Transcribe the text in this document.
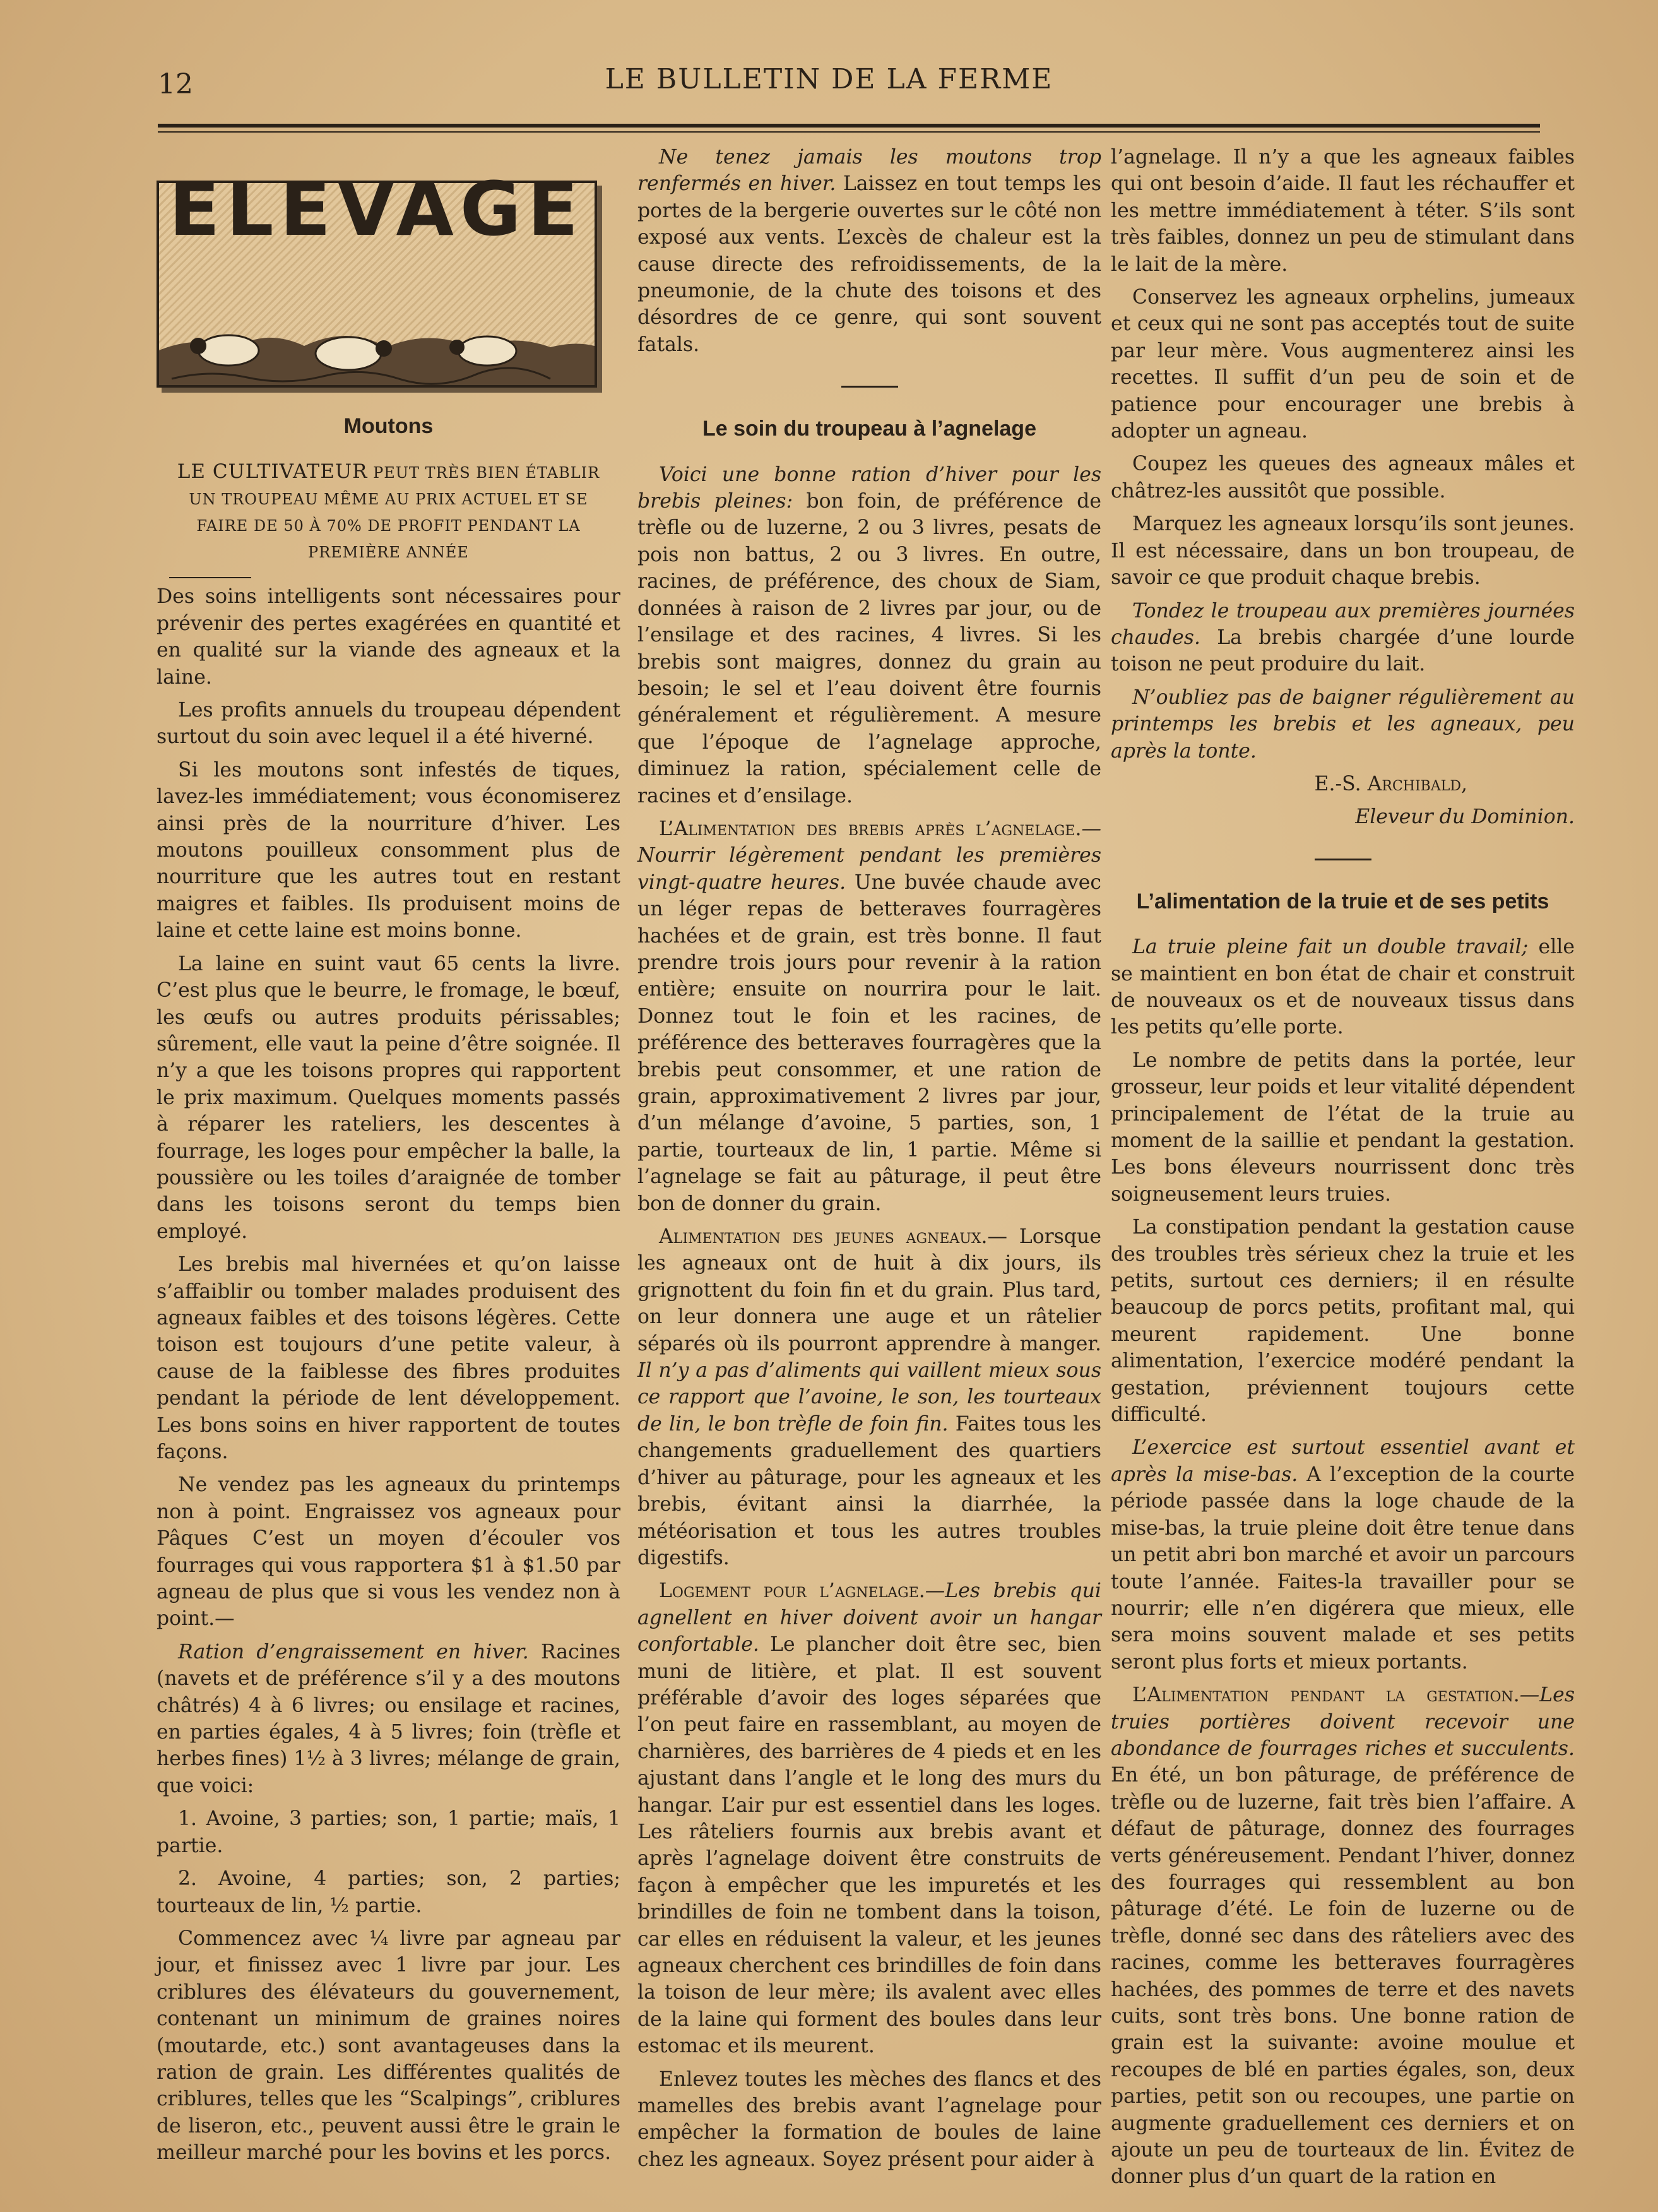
12	LE BULLETIN DE LA FERME
ELEVAGE
Moutons
LE CULTIVATEUR PEUT TRÈS BIEN ÉTABLIR UN TROUPEAU MÊME AU PRIX ACTUEL ET SE FAIRE DE 50 À 70% DE PROFIT PENDANT LA PREMIÈRE ANNÉE

Des soins intelligents sont nécessaires pour prévenir des pertes exagérées en quantité et en qualité sur la viande des agneaux et la laine.

Les profits annuels du troupeau dépendent surtout du soin avec lequel il a été hiverné.

Si les moutons sont infestés de tiques, lavez-les immédiatement; vous économiserez ainsi près de la nourriture d’hiver. Les moutons pouilleux consomment plus de nourriture que les autres tout en restant maigres et faibles. Ils produisent moins de laine et cette laine est moins bonne.

La laine en suint vaut 65 cents la livre. C’est plus que le beurre, le fromage, le bœuf, les œufs ou autres produits périssables; sûrement, elle vaut la peine d’être soignée. Il n’y a que les toisons propres qui rapportent le prix maximum. Quelques moments passés à réparer les rateliers, les descentes à fourrage, les loges pour empêcher la balle, la poussière ou les toiles d’araignée de tomber dans les toisons seront du temps bien employé.

Les brebis mal hivernées et qu’on laisse s’affaiblir ou tomber malades produisent des agneaux faibles et des toisons légères. Cette toison est toujours d’une petite valeur, à cause de la faiblesse des fibres produites pendant la période de lent développement. Les bons soins en hiver rapportent de toutes façons.

Ne vendez pas les agneaux du printemps non à point. Engraissez vos agneaux pour Pâques C’est un moyen d’écouler vos fourrages qui vous rapportera $1 à $1.50 par agneau de plus que si vous les vendez non à point.—

Ration d’engraissement en hiver. Racines (navets et de préférence s’il y a des moutons châtrés) 4 à 6 livres; ou ensilage et racines, en parties égales, 4 à 5 livres; foin (trèfle et herbes fines) 1½ à 3 livres; mélange de grain, que voici:

1. Avoine, 3 parties; son, 1 partie; maïs, 1 partie.

2. Avoine, 4 parties; son, 2 parties; tourteaux de lin, ½ partie.

Commencez avec ¼ livre par agneau par jour, et finissez avec 1 livre par jour. Les criblures des élévateurs du gouvernement, contenant un minimum de graines noires (moutarde, etc.) sont avantageuses dans la ration de grain. Les différentes qualités de criblures, telles que les “Scalpings”, criblures de liseron, etc., peuvent aussi être le grain le meilleur marché pour les bovins et les porcs.

Ne tenez jamais les moutons trop renfermés en hiver. Laissez en tout temps les portes de la bergerie ouvertes sur le côté non exposé aux vents. L’excès de chaleur est la cause directe des refroidissements, de la pneumonie, de la chute des toisons et des désordres de ce genre, qui sont souvent fatals.

Le soin du troupeau à l’agnelage

Voici une bonne ration d’hiver pour les brebis pleines: bon foin, de préférence de trèfle ou de luzerne, 2 ou 3 livres, pesats de pois non battus, 2 ou 3 livres. En outre, racines, de préférence, des choux de Siam, données à raison de 2 livres par jour, ou de l’ensilage et des racines, 4 livres. Si les brebis sont maigres, donnez du grain au besoin; le sel et l’eau doivent être fournis généralement et régulièrement. A mesure que l’époque de l’agnelage approche, diminuez la ration, spécialement celle de racines et d’ensilage.

L’Alimentation des brebis après l’agnelage.—Nourrir légèrement pendant les premières vingt-quatre heures. Une buvée chaude avec un léger repas de betteraves fourragères hachées et de grain, est très bonne. Il faut prendre trois jours pour revenir à la ration entière; ensuite on nourrira pour le lait. Donnez tout le foin et les racines, de préférence des betteraves fourragères que la brebis peut consommer, et une ration de grain, approximativement 2 livres par jour, d’un mélange d’avoine, 5 parties, son, 1 partie, tourteaux de lin, 1 partie. Même si l’agnelage se fait au pâturage, il peut être bon de donner du grain.

Alimentation des jeunes agneaux.— Lorsque les agneaux ont de huit à dix jours, ils grignottent du foin fin et du grain. Plus tard, on leur donnera une auge et un râtelier séparés où ils pourront apprendre à manger. Il n’y a pas d’aliments qui vaillent mieux sous ce rapport que l’avoine, le son, les tourteaux de lin, le bon trèfle de foin fin. Faites tous les changements graduellement des quartiers d’hiver au pâturage, pour les agneaux et les brebis, évitant ainsi la diarrhée, la météorisation et tous les autres troubles digestifs.

Logement pour l’agnelage.—Les brebis qui agnellent en hiver doivent avoir un hangar confortable. Le plancher doit être sec, bien muni de litière, et plat. Il est souvent préférable d’avoir des loges séparées que l’on peut faire en rassemblant, au moyen de charnières, des barrières de 4 pieds et en les ajustant dans l’angle et le long des murs du hangar. L’air pur est essentiel dans les loges. Les râteliers fournis aux brebis avant et après l’agnelage doivent être construits de façon à empêcher que les impuretés et les brindilles de foin ne tombent dans la toison, car elles en réduisent la valeur, et les jeunes agneaux cherchent ces brindilles de foin dans la toison de leur mère; ils avalent avec elles de la laine qui forment des boules dans leur estomac et ils meurent.

Enlevez toutes les mèches des flancs et des mamelles des brebis avant l’agnelage pour empêcher la formation de boules de laine chez les agneaux. Soyez présent pour aider à

l’agnelage. Il n’y a que les agneaux faibles qui ont besoin d’aide. Il faut les réchauffer et les mettre immédiatement à téter. S’ils sont très faibles, donnez un peu de stimulant dans le lait de la mère.

Conservez les agneaux orphelins, jumeaux et ceux qui ne sont pas acceptés tout de suite par leur mère. Vous augmenterez ainsi les recettes. Il suffit d’un peu de soin et de patience pour encourager une brebis à adopter un agneau.

Coupez les queues des agneaux mâles et châtrez-les aussitôt que possible.

Marquez les agneaux lorsqu’ils sont jeunes. Il est nécessaire, dans un bon troupeau, de savoir ce que produit chaque brebis.

Tondez le troupeau aux premières journées chaudes. La brebis chargée d’une lourde toison ne peut produire du lait.

N’oubliez pas de baigner régulièrement au printemps les brebis et les agneaux, peu après la tonte.

E.-S. Archibald,

Eleveur du Dominion.

L’alimentation de la truie et de ses petits

La truie pleine fait un double travail; elle se maintient en bon état de chair et construit de nouveaux os et de nouveaux tissus dans les petits qu’elle porte.

Le nombre de petits dans la portée, leur grosseur, leur poids et leur vitalité dépendent principalement de l’état de la truie au moment de la saillie et pendant la gestation. Les bons éleveurs nourrissent donc très soigneusement leurs truies.

La constipation pendant la gestation cause des troubles très sérieux chez la truie et les petits, surtout ces derniers; il en résulte beaucoup de porcs petits, profitant mal, qui meurent rapidement. Une bonne alimentation, l’exercice modéré pendant la gestation, préviennent toujours cette difficulté.

L’exercice est surtout essentiel avant et après la mise-bas. A l’exception de la courte période passée dans la loge chaude de la mise-bas, la truie pleine doit être tenue dans un petit abri bon marché et avoir un parcours toute l’année. Faites-la travailler pour se nourrir; elle n’en digérera que mieux, elle sera moins souvent malade et ses petits seront plus forts et mieux portants.

L’Alimentation pendant la gestation.—Les truies portières doivent recevoir une abondance de fourrages riches et succulents. En été, un bon pâturage, de préférence de trèfle ou de luzerne, fait très bien l’affaire. A défaut de pâturage, donnez des fourrages verts généreusement. Pendant l’hiver, donnez des fourrages qui ressemblent au bon pâturage d’été. Le foin de luzerne ou de trèfle, donné sec dans des râteliers avec des racines, comme les betteraves fourragères hachées, des pommes de terre et des navets cuits, sont très bons. Une bonne ration de grain est la suivante: avoine moulue et recoupes de blé en parties égales, son, deux parties, petit son ou recoupes, une partie on augmente graduellement ces derniers et on ajoute un peu de tourteaux de lin. Évitez de donner plus d’un quart de la ration en
